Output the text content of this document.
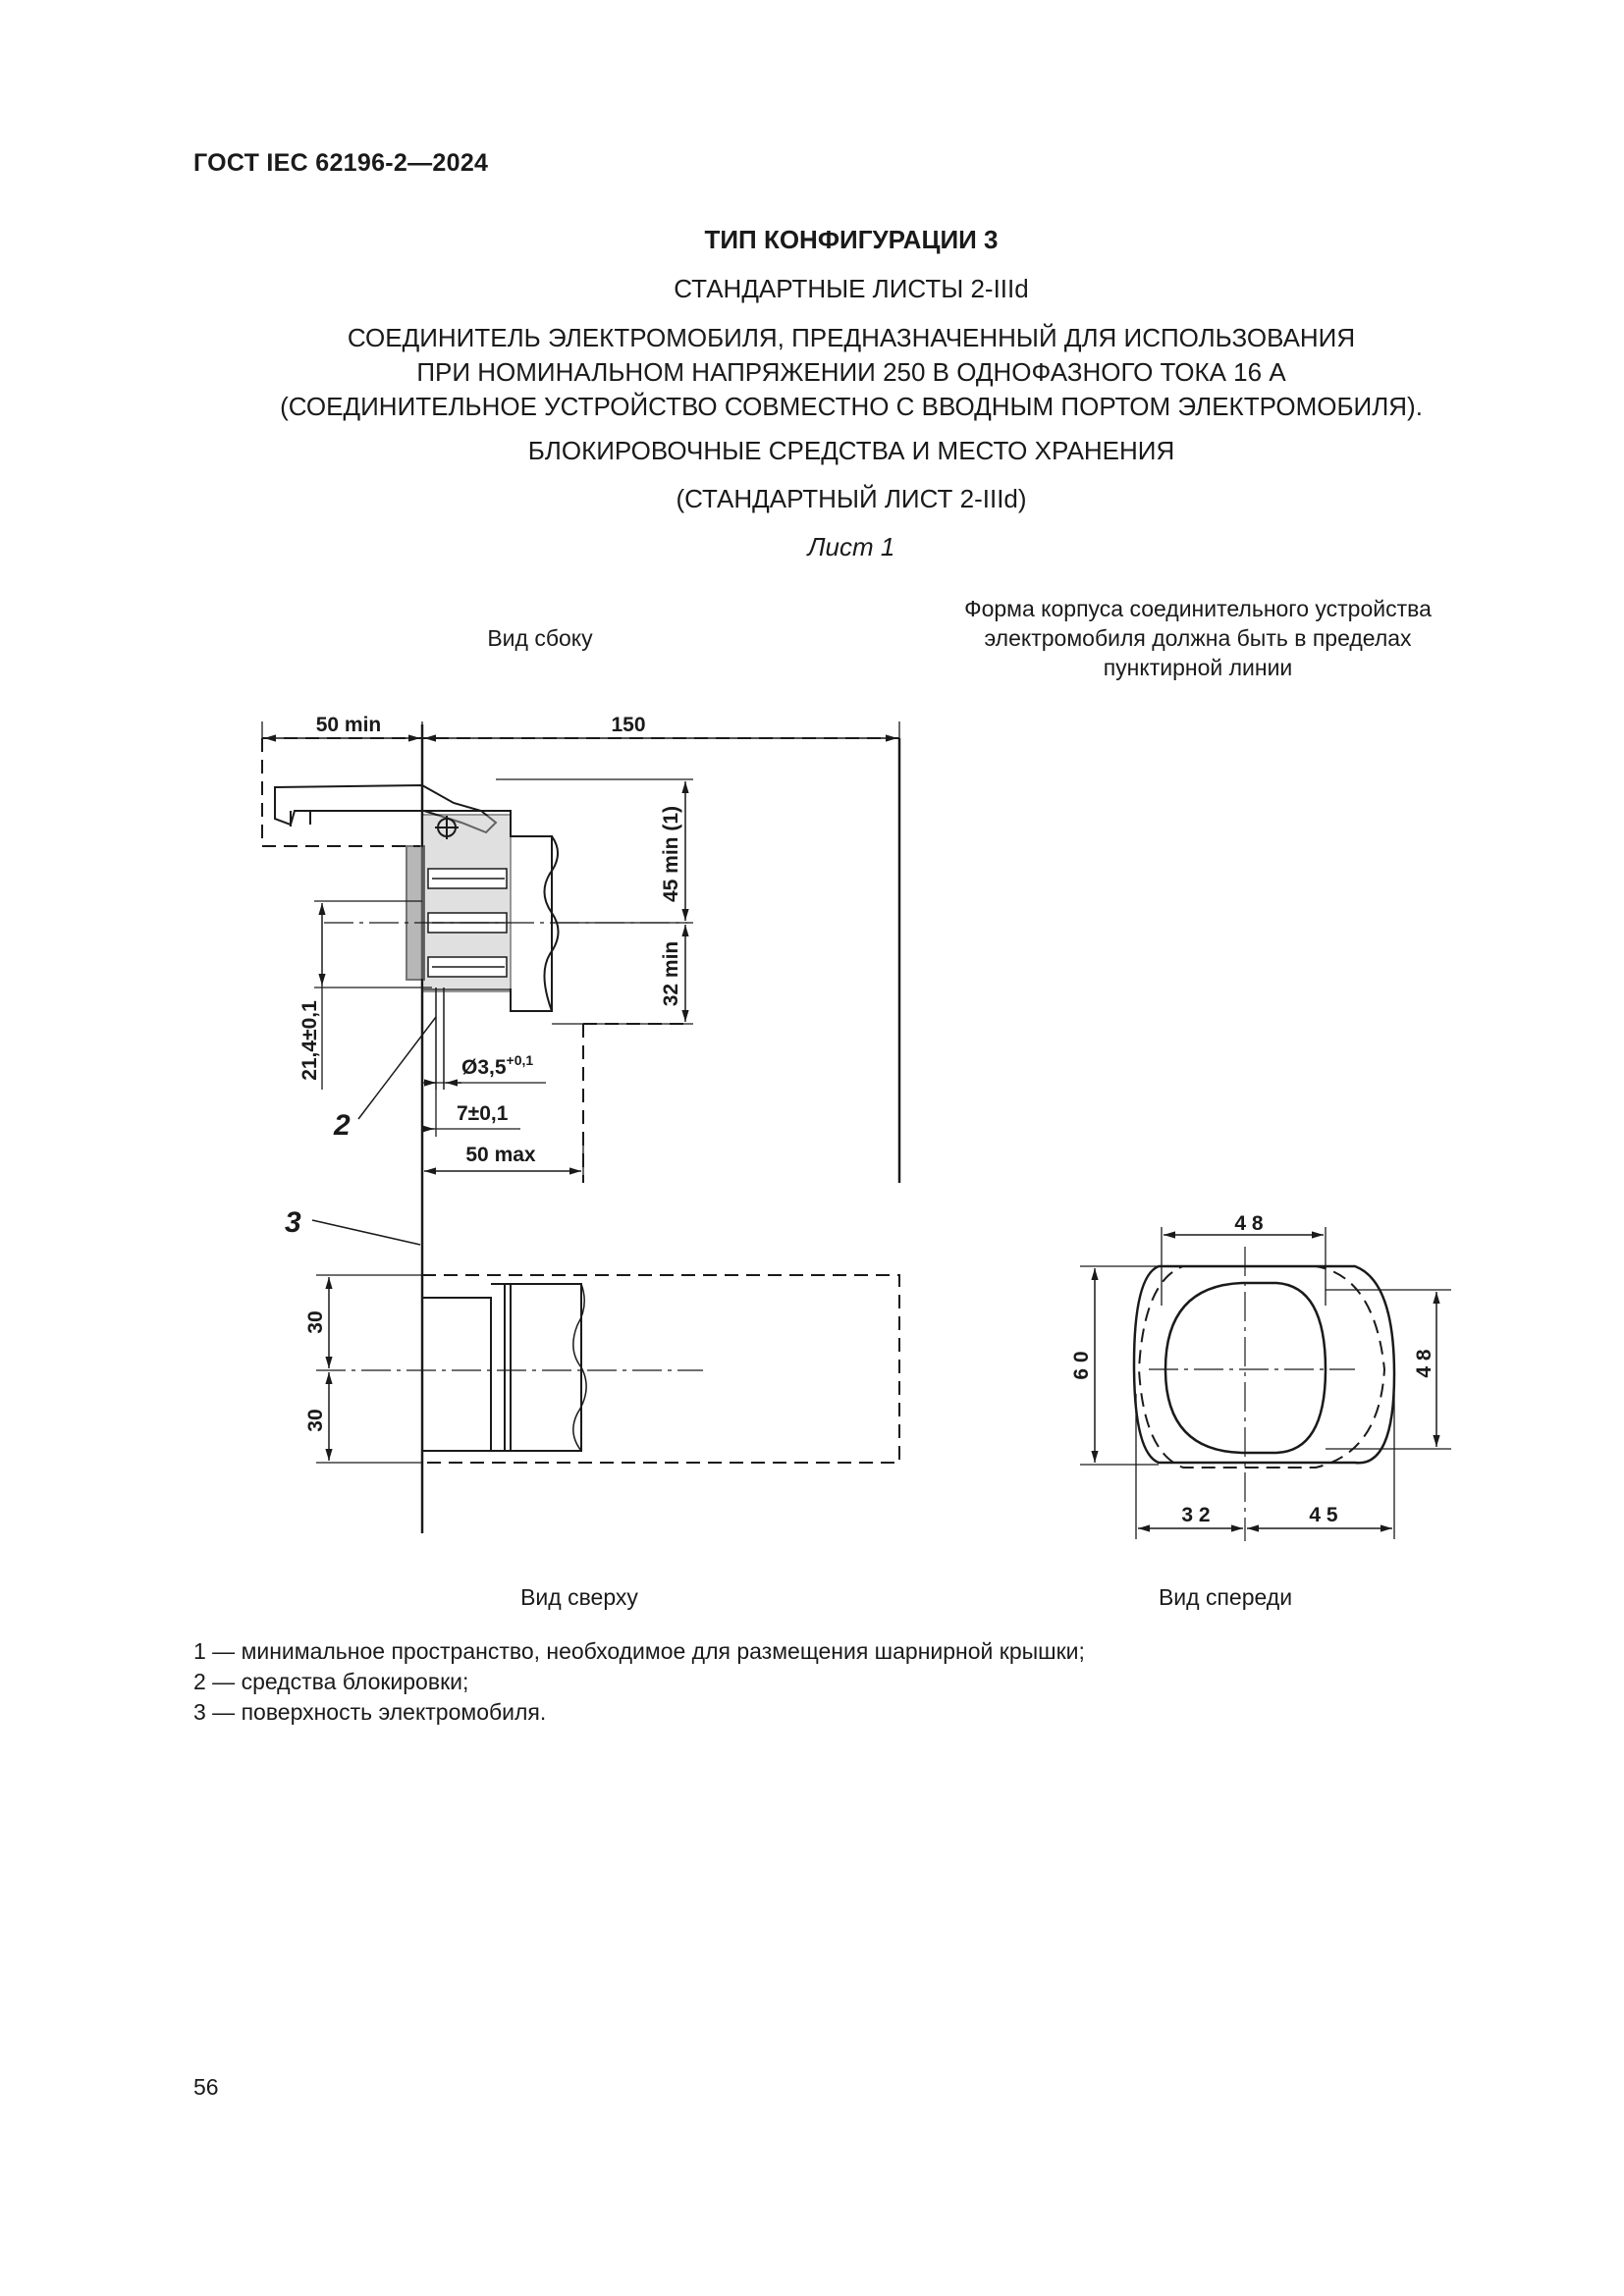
ГОСТ IEC 62196-2—2024
ТИП КОНФИГУРАЦИИ 3
СТАНДАРТНЫЕ ЛИСТЫ 2-IIId
СОЕДИНИТЕЛЬ ЭЛЕКТРОМОБИЛЯ, ПРЕДНАЗНАЧЕННЫЙ ДЛЯ ИСПОЛЬЗОВАНИЯ
ПРИ НОМИНАЛЬНОМ НАПРЯЖЕНИИ 250 В ОДНОФАЗНОГО ТОКА 16 А
(СОЕДИНИТЕЛЬНОЕ УСТРОЙСТВО СОВМЕСТНО С ВВОДНЫМ ПОРТОМ ЭЛЕКТРОМОБИЛЯ).
БЛОКИРОВОЧНЫЕ СРЕДСТВА И МЕСТО ХРАНЕНИЯ
(СТАНДАРТНЫЙ ЛИСТ 2-IIId)
Лист 1
Вид сбоку
Форма корпуса соединительного устройства
электромобиля должна быть в пределах
пунктирной линии
50 min	150
45 min (1)
32 min
21,4±0,1	$Ø3,5^{+0,1}$
7±0,1
50 max
2
3
30
30
4 8
6 0	4 8
3 2	4 5
Вид сверху	Вид спереди
1 — минимальное пространство, необходимое для размещения шарнирной крышки;
2 — средства блокировки;
3 — поверхность электромобиля.
56
